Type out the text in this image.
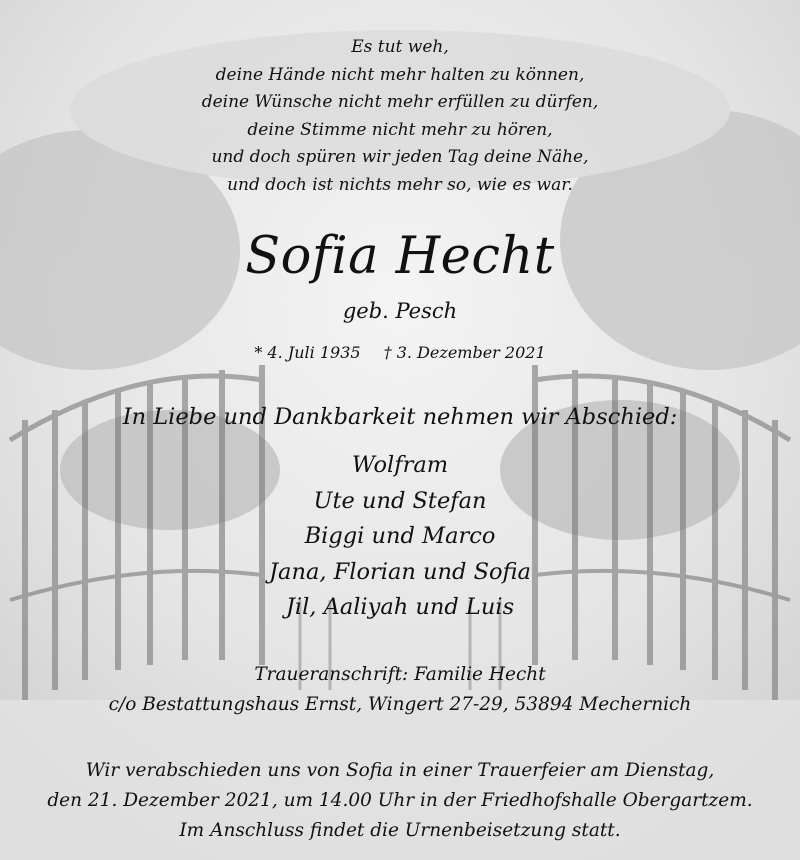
Es tut weh,
deine Hände nicht mehr halten zu können,
deine Wünsche nicht mehr erfüllen zu dürfen,
deine Stimme nicht mehr zu hören,
und doch spüren wir jeden Tag deine Nähe,
und doch ist nichts mehr so, wie es war.
Sofia Hecht
geb. Pesch
* 4. Juli 1935 † 3. Dezember 2021
In Liebe und Dankbarkeit nehmen wir Abschied:
Wolfram
Ute und Stefan
Biggi und Marco
Jana, Florian und Sofia
Jil, Aaliyah und Luis
Traueranschrift: Familie Hecht
c/o Bestattungshaus Ernst, Wingert 27-29, 53894 Mechernich
Wir verabschieden uns von Sofia in einer Trauerfeier am Dienstag,
den 21. Dezember 2021, um 14.00 Uhr in der Friedhofshalle Obergartzem.
Im Anschluss findet die Urnenbeisetzung statt.
